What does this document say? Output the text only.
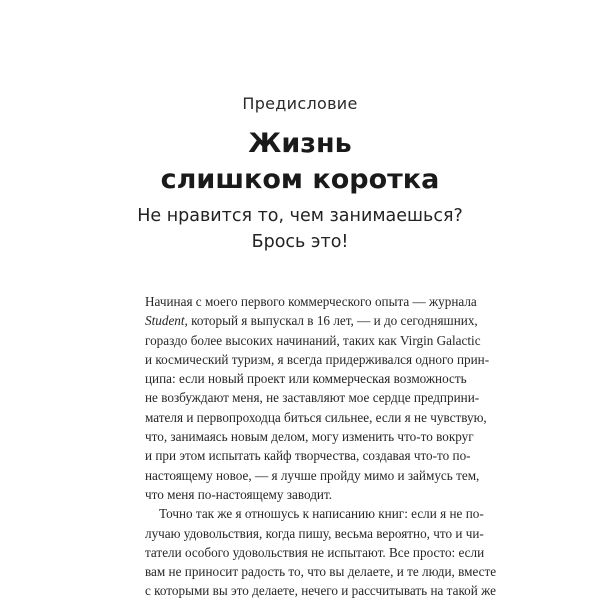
Предисловие
Жизнь
слишком коротка
Не нравится то, чем занимаешься?
Брось это!
Начиная с моего первого коммерческого опыта — журнала
Student, который я выпускал в 16 лет, — и до сегодняшних,
гораздо более высоких начинаний, таких как Virgin Galactic
и космический туризм, я всегда придерживался одного прин-
ципа: если новый проект или коммерческая возможность
не возбуждают меня, не заставляют мое сердце предприни-
мателя и первопроходца биться сильнее, если я не чувствую,
что, занимаясь новым делом, могу изменить что-то вокруг
и при этом испытать кайф творчества, создавая что-то по-
настоящему новое, — я лучше пройду мимо и займусь тем,
что меня по-настоящему заводит.
Точно так же я отношусь к написанию книг: если я не по-
лучаю удовольствия, когда пишу, весьма вероятно, что и чи-
татели особого удовольствия не испытают. Все просто: если
вам не приносит радость то, что вы делаете, и те люди, вместе
с которыми вы это делаете, нечего и рассчитывать на такой же
